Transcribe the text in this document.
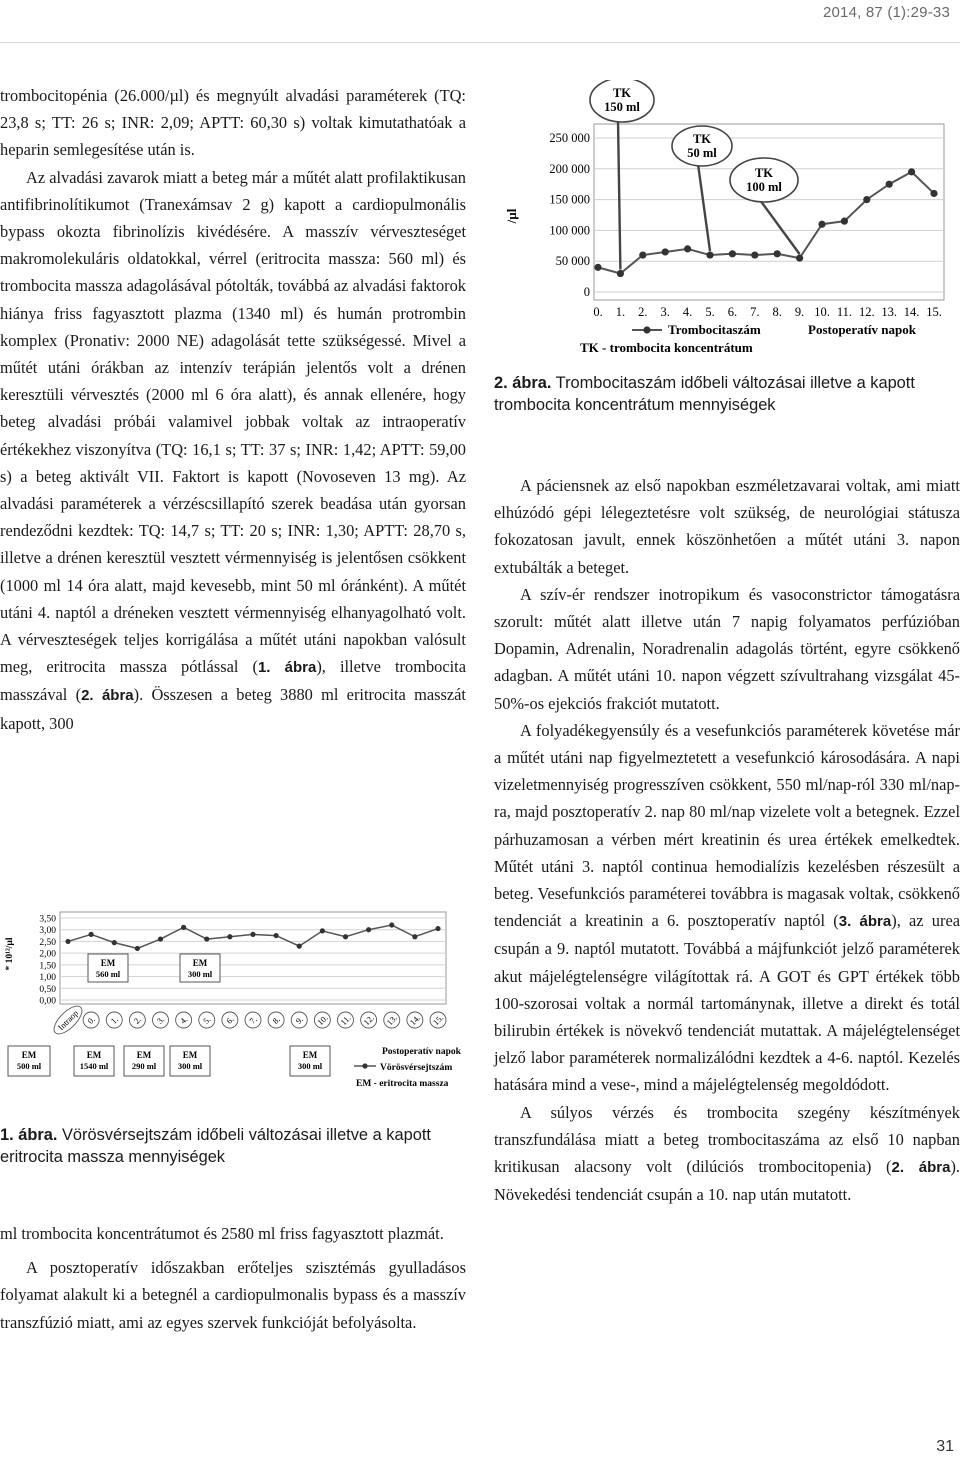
2014, 87 (1):29-33

trombocitopénia (26.000/µl) és megnyúlt alvadási paraméterek (TQ: 23,8 s; TT: 26 s; INR: 2,09; APTT: 60,30 s) voltak kimutathatóak a heparin semlegesítése után is.

Az alvadási zavarok miatt a beteg már a műtét alatt profilaktikusan antifibrinolítikumot (Tranexámsav 2 g) kapott a cardiopulmonális bypass okozta fibrinolízis kivédésére. A masszív vérveszteséget makromolekuláris oldatokkal, vérrel (eritrocita massza: 560 ml) és trombocita massza adagolásával pótolták, továbbá az alvadási faktorok hiánya friss fagyasztott plazma (1340 ml) és humán protrombin komplex (Pronativ: 2000 NE) adagolását tette szükségessé. Mivel a műtét utáni órákban az intenzív terápián jelentős volt a drénen keresztüli vérvesztés (2000 ml 6 óra alatt), és annak ellenére, hogy beteg alvadási próbái valamivel jobbak voltak az intraoperatív értékekhez viszonyítva (TQ: 16,1 s; TT: 37 s; INR: 1,42; APTT: 59,00 s) a beteg aktivált VII. Faktort is kapott (Novoseven 13 mg). Az alvadási paraméterek a vérzéscsillapító szerek beadása után gyorsan rendeződni kezdtek: TQ: 14,7 s; TT: 20 s; INR: 1,30; APTT: 28,70 s, illetve a drénen keresztül vesztett vérmennyiség is jelentősen csökkent (1000 ml 14 óra alatt, majd kevesebb, mint 50 ml óránként). A műtét utáni 4. naptól a dréneken vesztett vérmennyiség elhanyagolható volt. A vérveszteségek teljes korrigálása a műtét utáni napokban valósult meg, eritrocita massza pótlással (1. ábra), illetve trombocita masszával (2. ábra). Összesen a beteg 3880 ml eritrocita masszát kapott, 300

3,50
3,00
2,50
2,00
1,50
1,00
0,50
0,00
* 10¹²/µl
Intraop 0. 1. 2. 3. 4. 5. 6. 7. 8. 9. 10. 11. 12. 13. 14. 15.
EM
560 ml
EM
300 ml
EM
500 ml
EM
1540 ml
EM
290 ml
EM
300 ml
EM
300 ml
Postoperatív napok
Vörösvérsejtszám
EM - eritrocita massza
1. ábra. Vörösvérsejtszám időbeli változásai illetve a kapott eritrocita massza mennyiségek

ml trombocita koncentrátumot és 2580 ml friss fagyasztott plazmát.

A posztoperatív időszakban erőteljes szisztémás gyulladásos folyamat alakult ki a betegnél a cardiopulmonalis bypass és a masszív transzfúzió miatt, ami az egyes szervek funkcióját befolyásolta.

250 000
200 000
150 000
100 000
50 000
0
/µl
0. 1. 2. 3. 4. 5. 6. 7. 8. 9. 10. 11. 12. 13. 14. 15.
TK
150 ml
TK
50 ml
TK
100 ml
Trombocitaszám	Postoperatív napok
TK - trombocita koncentrátum
2. ábra. Trombocitaszám időbeli változásai illetve a kapott trombocita koncentrátum mennyiségek

A páciensnek az első napokban eszméletzavarai voltak, ami miatt elhúzódó gépi lélegeztetésre volt szükség, de neurológiai státusza fokozatosan javult, ennek köszönhetően a műtét utáni 3. napon extubálták a beteget.

A szív-ér rendszer inotropikum és vasoconstrictor támogatásra szorult: műtét alatt illetve után 7 napig folyamatos perfúzióban Dopamin, Adrenalin, Noradrenalin adagolás történt, egyre csökkenő adagban. A műtét utáni 10. napon végzett szívultrahang vizsgálat 45-50%-os ejekciós frakciót mutatott.

A folyadékegyensúly és a vesefunkciós paraméterek követése már a műtét utáni nap figyelmeztetett a vesefunkció károsodására. A napi vizeletmennyiség progresszíven csökkent, 550 ml/nap-ról 330 ml/nap-ra, majd posztoperatív 2. nap 80 ml/nap vizelete volt a betegnek. Ezzel párhuzamosan a vérben mért kreatinin és urea értékek emelkedtek. Műtét utáni 3. naptól continua hemodialízis kezelésben részesült a beteg. Vesefunkciós paraméterei továbbra is magasak voltak, csökkenő tendenciát a kreatinin a 6. posztoperatív naptól (3. ábra), az urea csupán a 9. naptól mutatott. Továbbá a májfunkciót jelző paraméterek akut májelégtelenségre világítottak rá. A GOT és GPT értékek több 100-szorosai voltak a normál tartománynak, illetve a direkt és totál bilirubin értékek is növekvő tendenciát mutattak. A májelégtelenséget jelző labor paraméterek normalizálódni kezdtek a 4-6. naptól. Kezelés hatására mind a vese-, mind a májelégtelenség megoldódott.

A súlyos vérzés és trombocita szegény készítmények transzfundálása miatt a beteg trombocitaszáma az első 10 napban kritikusan alacsony volt (dilúciós trombocitopenia) (2. ábra). Növekedési tendenciát csupán a 10. nap után mutatott.

31
